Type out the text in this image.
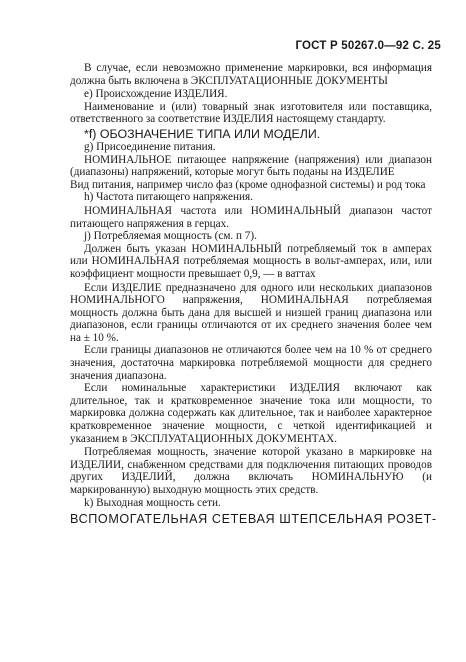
ГОСТ Р 50267.0—92 С. 25

В случае, если невозможно применение маркировки, вся информация должна быть включена в ЭКСПЛУАТАЦИОННЫЕ ДОКУМЕНТЫ

e) Происхождение ИЗДЕЛИЯ.

Наименование и (или) товарный знак изготовителя или поставщика, ответственного за соответствие ИЗДЕЛИЯ настоящему стандарту.

*f) ОБОЗНАЧЕНИЕ ТИПА ИЛИ МОДЕЛИ.

g) Присоединение питания.

НОМИНАЛЬНОЕ питающее напряжение (напряжения) или диапазон (диапазоны) напряжений, которые могут быть поданы на ИЗДЕЛИЕ

Вид питания, например число фаз (кроме однофазной системы) и род тока

h) Частота питающего напряжения.

НОМИНАЛЬНАЯ частота или НОМИНАЛЬНЫЙ диапазон частот питающего напряжения в герцах.

j) Потребляемая мощность (см. п 7).

Должен быть указан НОМИНАЛЬНЫЙ потребляемый ток в амперах или НОМИНАЛЬНАЯ потребляемая мощность в вольт-амперах, или, или коэффициент мощности превышает 0,9, — в ваттах

Если ИЗДЕЛИЕ предназначено для одного или нескольких диапазонов НОМИНАЛЬНОГО напряжения, НОМИНАЛЬНАЯ потребляемая мощность должна быть дана для высшей и низшей границ диапазона или диапазонов, если границы отличаются от их среднего значения более чем на ± 10 %.

Если границы диапазонов не отличаются более чем на 10 % от среднего значения, достаточна маркировка потребляемой мощности для среднего значения диапазона.

Если номинальные характеристики ИЗДЕЛИЯ включают как длительное, так и кратковременное значение тока или мощности, то маркировка должна содержать как длительное, так и наиболее характерное кратковременное значение мощности, с четкой идентификацией и указанием в ЭКСПЛУАТАЦИОННЫХ ДОКУМЕНТАХ.

Потребляемая мощность, значение которой указано в маркировке на ИЗДЕЛИИ, снабженном средствами для подключения питающих проводов других ИЗДЕЛИЙ, должна включать НОМИНАЛЬНУЮ (и маркированную) выходную мощность этих средств.

k) Выходная мощность сети.

ВСПОМОГАТЕЛЬНАЯ СЕТЕВАЯ ШТЕПСЕЛЬНАЯ РОЗЕТ-
